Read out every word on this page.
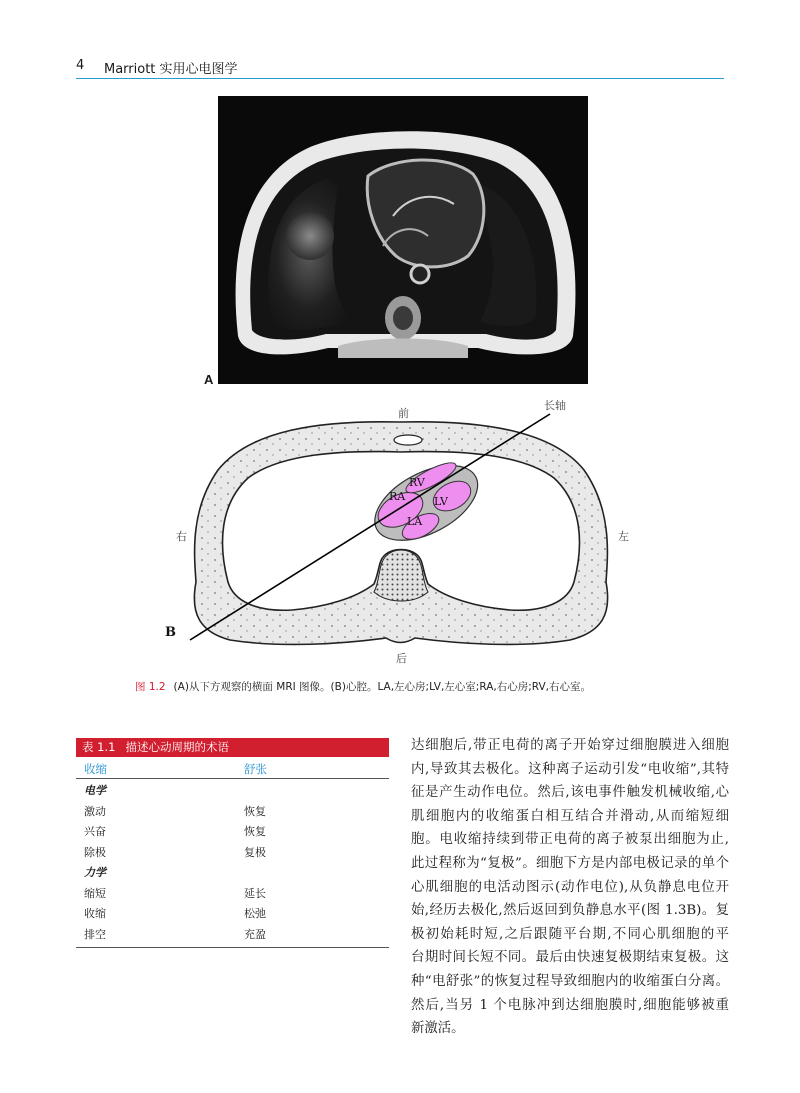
4 Marriott 实用心电图学
A
前
后
右	左
长轴
RV
RA	LV
LA
B
图 1.2 (A)从下方观察的横面 MRI 图像。(B)心腔。LA,左心房;LV,左心室;RA,右心房;RV,右心室。
表 1.1 描述心动周期的术语
收缩	舒张
电学
激动	恢复
兴奋	恢复
除极	复极
力学
缩短	延长
收缩	松弛
排空	充盈
达细胞后,带正电荷的离子开始穿过细胞膜进入细胞
内,导致其去极化。这种离子运动引发“电收缩”,其特
征是产生动作电位。然后,该电事件触发机械收缩,心
肌细胞内的收缩蛋白相互结合并滑动,从而缩短细
胞。电收缩持续到带正电荷的离子被泵出细胞为止,
此过程称为“复极”。细胞下方是内部电极记录的单个
心肌细胞的电活动图示(动作电位),从负静息电位开
始,经历去极化,然后返回到负静息水平(图 1.3B)。复
极初始耗时短,之后跟随平台期,不同心肌细胞的平
台期时间长短不同。最后由快速复极期结束复极。这
种“电舒张”的恢复过程导致细胞内的收缩蛋白分离。
然后,当另 1 个电脉冲到达细胞膜时,细胞能够被重
新激活。
